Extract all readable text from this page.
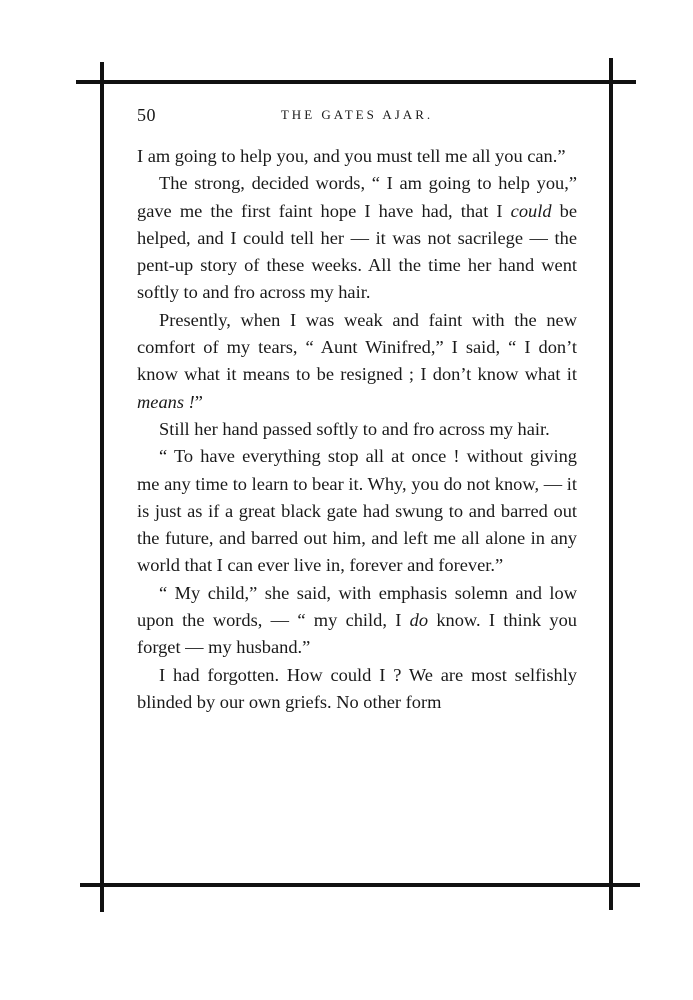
50	THE GATES AJAR.

I am going to help you, and you must tell me all you can.”

The strong, decided words, “ I am going to help you,” gave me the first faint hope I have had, that I could be helped, and I could tell her — it was not sacrilege — the pent-up story of these weeks. All the time her hand went softly to and fro across my hair.

Presently, when I was weak and faint with the new comfort of my tears, “ Aunt Winifred,” I said, “ I don’t know what it means to be resigned ; I don’t know what it means !”

Still her hand passed softly to and fro across my hair.

“ To have everything stop all at once ! without giving me any time to learn to bear it. Why, you do not know, — it is just as if a great black gate had swung to and barred out the future, and barred out him, and left me all alone in any world that I can ever live in, forever and forever.”

“ My child,” she said, with emphasis solemn and low upon the words, — “ my child, I do know. I think you forget — my husband.”

I had forgotten. How could I ? We are most selfishly blinded by our own griefs. No other form
